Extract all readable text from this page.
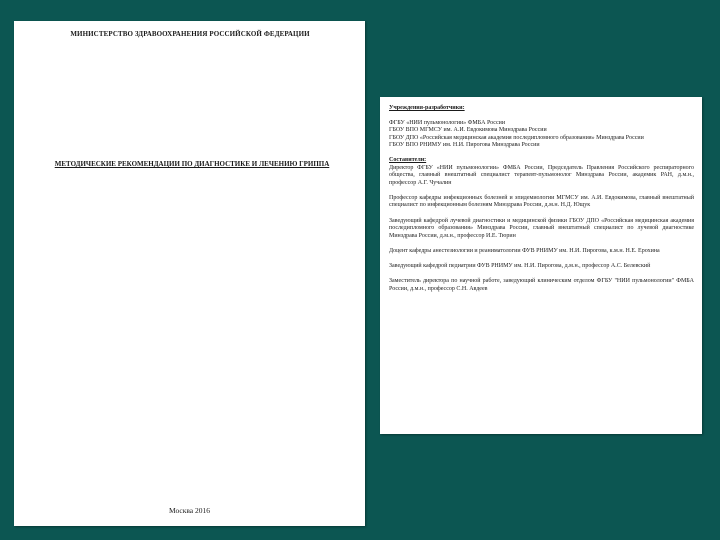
МИНИСТЕРСТВО ЗДРАВООХРАНЕНИЯ РОССИЙСКОЙ ФЕДЕРАЦИИ
МЕТОДИЧЕСКИЕ РЕКОМЕНДАЦИИ ПО ДИАГНОСТИКЕ И ЛЕЧЕНИЮ ГРИППА
Москва 2016
Учреждения-разработчики:
ФГБУ «НИИ пульмонологии» ФМБА России
ГБОУ ВПО МГМСУ им. А.И. Евдокимова Минздрава России
ГБОУ ДПО «Российская медицинская академия последипломного образования» Минздрава России
ГБОУ ВПО РНИМУ им. Н.И. Пирогова Минздрава России
Составители:

Директор ФГБУ «НИИ пульмонологии» ФМБА России, Председатель Правления Российского респираторного общества, главный внештатный специалист терапевт-пульмонолог Минздрава России, академик РАН, д.м.н., профессор А.Г. Чучалин

Профессор кафедры инфекционных болезней и эпидемиологии МГМСУ им. А.И. Евдокимова, главный внештатный специалист по инфекционным болезням Минздрава России, д.м.н. Н.Д. Ющук

Заведующий кафедрой лучевой диагностики и медицинской физики ГБОУ ДПО «Российская медицинская академия последипломного образования» Минздрава России, главный внештатный специалист по лучевой диагностике Минздрава России, д.м.н., профессор И.Е. Тюрин

Доцент кафедры анестезиологии и реаниматологии ФУВ РНИМУ им. Н.И. Пирогова, к.м.н. Н.Е. Ерохина

Заведующий кафедрой педиатрии ФУВ РНИМУ им. Н.И. Пирогова, д.м.н., профессор А.С. Белевский

Заместитель директора по научной работе, заведующий клиническим отделом ФГБУ "НИИ пульмонологии" ФМБА России, д.м.н., профессор С.Н. Авдеев
